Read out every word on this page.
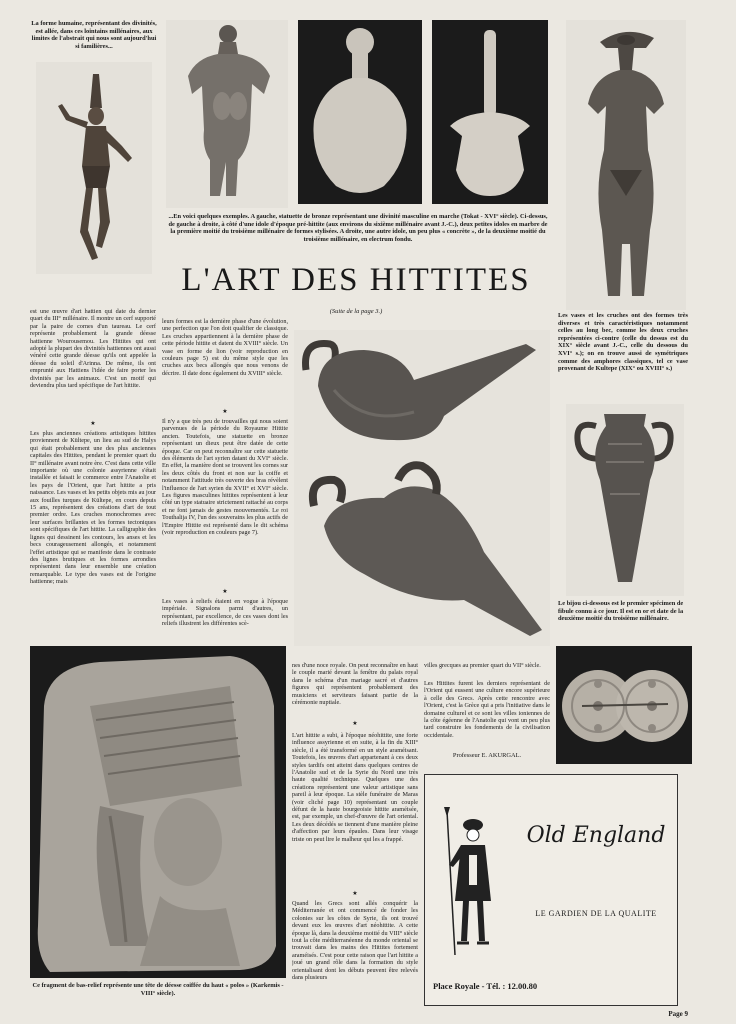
La forme humaine, représentant des divinités, est allée, dans ces lointains millénaires, aux limites de l'abstrait qui nous sont aujourd'hui si familières...
...En voici quelques exemples. A gauche, statuette de bronze représentant une divinité masculine en marche (Tokat - XVI° siècle). Ci-dessus, de gauche à droite, à côté d'une idole d'époque pré-hittite (aux environs du sixième millénaire avant J.-C.), deux petites idoles en marbre de la première moitié du troisième millénaire de formes stylisées. A droite, une autre idole, un peu plus « concrète », de la deuxième moitié du troisième millénaire, en electrum fondu.
L'ART DES HITTITES
(Suite de la page 3.)
est une œuvre d'art hattien qui date du dernier quart du III° millénaire. Il montre un cerf supporté par la paire de cornes d'un taureau. Le cerf représente probablement la grande déesse hattienne Wourousemou. Les Hittites qui ont adopté la plupart des divinités hattiennes ont aussi vénéré cette grande déesse qu'ils ont appelée la déesse du soleil d'Arinna. De même, ils ont emprunté aux Hattiens l'idée de faire porter les divinités par les animaux. C'est un motif qui deviendra plus tard spécifique de l'art hittite.
★
Les plus anciennes créations artistiques hittites proviennent de Kültepe, un lieu au sud de Halys qui était probablement une des plus anciennes capitales des Hittites, pendant le premier quart du II° millénaire avant notre ère. C'est dans cette ville importante où une colonie assyrienne s'était installée et faisait le commerce entre l'Anatolie et les pays de l'Orient, que l'art hittite a pris naissance. Les vases et les petits objets mis au jour aux fouilles turques de Kültepe, en cours depuis 15 ans, représentent des créations d'art de tout premier ordre. Les cruches monochromes avec leur surfaces brillantes et les formes tectoniques sont spécifiques de l'art hittite. La calligraphie des lignes qui dessinent les contours, les anses et les becs courageusement allongés, et notamment l'effet artistique qui se manifeste dans le contraste des lignes brutiques et les formes arrondies représentent dans leur ensemble une création remarquable. Le type des vases est de l'origine hattienne; mais
leurs formes est la dernière phase d'une évolution, une perfection que l'on doit qualifier de classique. Les cruches appartiennent à la dernière phase de cette période hittite et datent du XVIII° siècle. Un vase en forme de lion (voir reproduction en couleurs page 5) est du même style que les cruches aux becs allongés que nous venons de décrire. Il date donc également du XVIII° siècle.
★
Il n'y a que très peu de trouvailles qui nous soient parvenues de la période du Royaume Hittite ancien. Toutefois, une statuette en bronze représentant un dieux peut être datée de cette époque. Car on peut reconnaître sur cette statuette des éléments de l'art syrien datant du XVI° siècle. En effet, la manière dont se trouvent les cornes sur les deux côtés du front et non sur la coiffe et notamment l'attitude très ouverte des bras révèlent l'influence de l'art syrien du XVII° et XVI° siècle. Les figures masculines hittites représentent à leur côté un type statuaire strictement rattaché au corps et ne font jamais de gestes mouvementés. Le roi Touthalija IV, l'un des souverains les plus actifs de l'Empire Hittite est représenté dans le dit schéma (voir reproduction en couleurs page 7).
★
Les vases à reliefs étaient en vogue à l'époque impériale. Signalons parmi d'autres, un représentant, par excellence, de ces vases dont les reliefs illustrent les différentes scè-
Les vases et les cruches ont des formes très diverses et très caractéristiques notamment celles au long bec, comme les deux cruches représentées ci-contre (celle du dessus est du XIX° siècle avant J.-C., celle du dessous du XVI° s.); on en trouve aussi de symétriques comme des amphores classiques, tel ce vase provenant de Kultepe (XIX° ou XVIII° s.)
Le bijou ci-dessous est le premier spécimen de fibule connu à ce jour. Il est en or et date de la deuxième moitié du troisième millénaire.
Ce fragment de bas-relief représente une tête de déesse coiffée du haut « polos » (Karkemis - VIII° siècle).
nes d'une noce royale. On peut reconnaître en haut le couple marié devant la fenêtre du palais royal dans le schéma d'un mariage sacré et d'autres figures qui représentent probablement des musiciens et serviteurs faisant partie de la cérémonie nuptiale.
★
L'art hittite a subi, à l'époque néohittite, une forte influence assyrienne et en suite, à la fin du XIII° siècle, il a été transformé en un style araméisant. Toutefois, les œuvres d'art appartenant à ces deux styles tardifs ont atteint dans quelques centres de l'Anatolie sud et de la Syrie du Nord une très haute qualité technique. Quelques une des créations représentent une valeur artistique sans pareil à leur époque. La stèle funéraire de Maras (voir cliché page 10) représentant un couple défunt de la haute bourgeoisie hittite araméisée, est, par exemple, un chef-d'œuvre de l'art oriental. Les deux décédés se tiennent d'une manière pleine d'affection par leurs épaules. Dans leur visage triste on peut lire le malheur qui les a frappé.
★
Quand les Grecs sont allés conquérir la Méditerranée et ont commencé de fonder les colonies sur les côtes de Syrie, ils ont trouvé devant eux les œuvres d'art néohittite. A cette époque là, dans la deuxième moitié du VIII° siècle tout la côte méditerranéenne du monde oriental se trouvait dans les mains des Hittites fortement araméisés. C'est pour cette raison que l'art hittite a joué un grand rôle dans la formation du style orientalisant dont les débuts peuvent être relevés dans plusieurs
villes grecques au premier quart du VII° siècle.
Les Hittites furent les derniers représentant de l'Orient qui eussent une culture encore supérieure à celle des Grecs. Après cette rencontre avec l'Orient, c'est la Grèce qui a pris l'initiative dans le domaine culturel et ce sont les villes ioniennes de la côte égéenne de l'Anatolie qui vont un peu plus tard construire les fondements de la civilisation occidentale.
Professeur E. AKURGAL.
Old England
LE GARDIEN DE LA QUALITE
Place Royale - Tél. : 12.00.80
Page 9
